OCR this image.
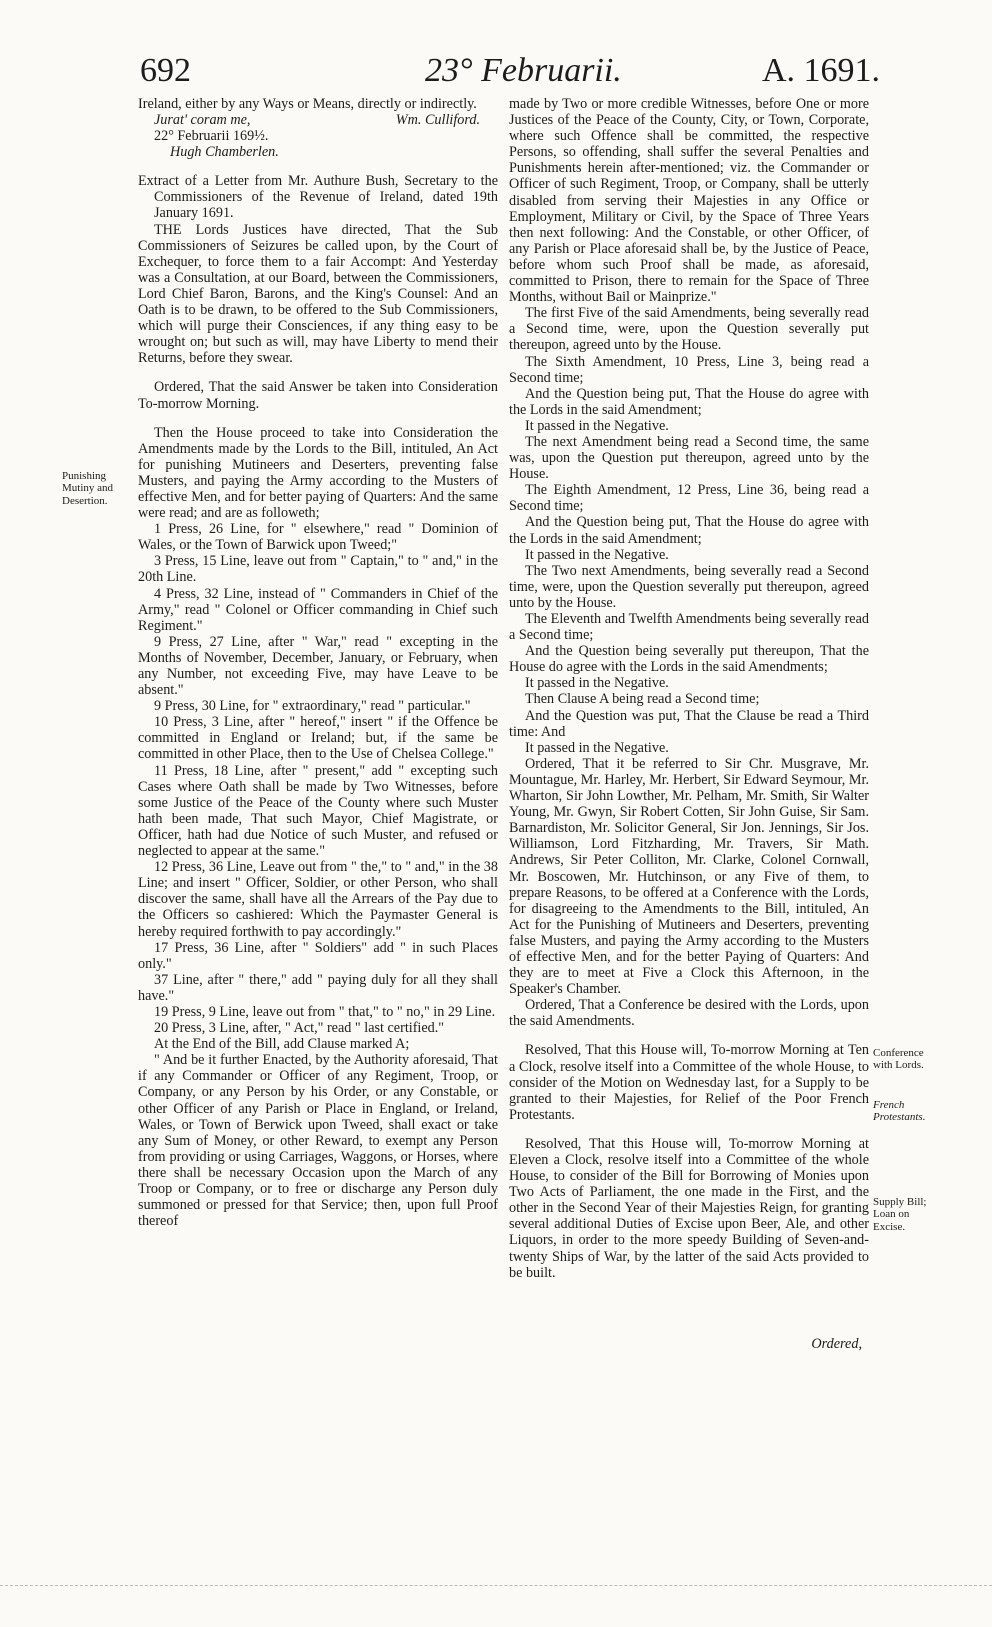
692	23° Februarii.	A. 1691.

Ireland, either by any Ways or Means, directly or indirectly.

Jurat' coram me,	Wm. Culliford.

22° Februarii 169½.

Hugh Chamberlen.

Extract of a Letter from Mr. Authure Bush, Secretary to the Commissioners of the Revenue of Ireland, dated 19th January 1691.

THE Lords Justices have directed, That the Sub Commissioners of Seizures be called upon, by the Court of Exchequer, to force them to a fair Accompt: And Yesterday was a Consultation, at our Board, between the Commissioners, Lord Chief Baron, Barons, and the King's Counsel: And an Oath is to be drawn, to be offered to the Sub Commissioners, which will purge their Consciences, if any thing easy to be wrought on; but such as will, may have Liberty to mend their Returns, before they swear.

Ordered, That the said Answer be taken into Consideration To-morrow Morning.

Then the House proceed to take into Consideration the Amendments made by the Lords to the Bill, intituled, An Act for punishing Mutineers and Deserters, preventing false Musters, and paying the Army according to the Musters of effective Men, and for better paying of Quarters: And the same were read; and are as followeth;

1 Press, 26 Line, for " elsewhere," read " Dominion of Wales, or the Town of Barwick upon Tweed;"

3 Press, 15 Line, leave out from " Captain," to " and," in the 20th Line.

4 Press, 32 Line, instead of " Commanders in Chief of the Army," read " Colonel or Officer commanding in Chief such Regiment."

9 Press, 27 Line, after " War," read " excepting in the Months of November, December, January, or February, when any Number, not exceeding Five, may have Leave to be absent."

9 Press, 30 Line, for " extraordinary," read " particular."

10 Press, 3 Line, after " hereof," insert " if the Offence be committed in England or Ireland; but, if the same be committed in other Place, then to the Use of Chelsea College."

11 Press, 18 Line, after " present," add " excepting such Cases where Oath shall be made by Two Witnesses, before some Justice of the Peace of the County where such Muster hath been made, That such Mayor, Chief Magistrate, or Officer, hath had due Notice of such Muster, and refused or neglected to appear at the same."

12 Press, 36 Line, Leave out from " the," to " and," in the 38 Line; and insert " Officer, Soldier, or other Person, who shall discover the same, shall have all the Arrears of the Pay due to the Officers so cashiered: Which the Paymaster General is hereby required forthwith to pay accordingly."

17 Press, 36 Line, after " Soldiers" add " in such Places only."

37 Line, after " there," add " paying duly for all they shall have."

19 Press, 9 Line, leave out from " that," to " no," in 29 Line.

20 Press, 3 Line, after, " Act," read " last certified."

At the End of the Bill, add Clause marked A;

" And be it further Enacted, by the Authority aforesaid, That if any Commander or Officer of any Regiment, Troop, or Company, or any Person by his Order, or any Constable, or other Officer of any Parish or Place in England, or Ireland, Wales, or Town of Berwick upon Tweed, shall exact or take any Sum of Money, or other Reward, to exempt any Person from providing or using Carriages, Waggons, or Horses, where there shall be necessary Occasion upon the March of any Troop or Company, or to free or discharge any Person duly summoned or pressed for that Service; then, upon full Proof thereof

made by Two or more credible Witnesses, before One or more Justices of the Peace of the County, City, or Town, Corporate, where such Offence shall be committed, the respective Persons, so offending, shall suffer the several Penalties and Punishments herein after-mentioned; viz. the Commander or Officer of such Regiment, Troop, or Company, shall be utterly disabled from serving their Majesties in any Office or Employment, Military or Civil, by the Space of Three Years then next following: And the Constable, or other Officer, of any Parish or Place aforesaid shall be, by the Justice of Peace, before whom such Proof shall be made, as aforesaid, committed to Prison, there to remain for the Space of Three Months, without Bail or Mainprize."

The first Five of the said Amendments, being severally read a Second time, were, upon the Question severally put thereupon, agreed unto by the House.

The Sixth Amendment, 10 Press, Line 3, being read a Second time;

And the Question being put, That the House do agree with the Lords in the said Amendment;

It passed in the Negative.

The next Amendment being read a Second time, the same was, upon the Question put thereupon, agreed unto by the House.

The Eighth Amendment, 12 Press, Line 36, being read a Second time;

And the Question being put, That the House do agree with the Lords in the said Amendment;

It passed in the Negative.

The Two next Amendments, being severally read a Second time, were, upon the Question severally put thereupon, agreed unto by the House.

The Eleventh and Twelfth Amendments being severally read a Second time;

And the Question being severally put thereupon, That the House do agree with the Lords in the said Amendments;

It passed in the Negative.

Then Clause A being read a Second time;

And the Question was put, That the Clause be read a Third time: And

It passed in the Negative.

Ordered, That it be referred to Sir Chr. Musgrave, Mr. Mountague, Mr. Harley, Mr. Herbert, Sir Edward Seymour, Mr. Wharton, Sir John Lowther, Mr. Pelham, Mr. Smith, Sir Walter Young, Mr. Gwyn, Sir Robert Cotten, Sir John Guise, Sir Sam. Barnardiston, Mr. Solicitor General, Sir Jon. Jennings, Sir Jos. Williamson, Lord Fitzharding, Mr. Travers, Sir Math. Andrews, Sir Peter Colliton, Mr. Clarke, Colonel Cornwall, Mr. Boscowen, Mr. Hutchinson, or any Five of them, to prepare Reasons, to be offered at a Conference with the Lords, for disagreeing to the Amendments to the Bill, intituled, An Act for the Punishing of Mutineers and Deserters, preventing false Musters, and paying the Army according to the Musters of effective Men, and for the better Paying of Quarters: And they are to meet at Five a Clock this Afternoon, in the Speaker's Chamber.

Ordered, That a Conference be desired with the Lords, upon the said Amendments.

Resolved, That this House will, To-morrow Morning at Ten a Clock, resolve itself into a Committee of the whole House, to consider of the Motion on Wednesday last, for a Supply to be granted to their Majesties, for Relief of the Poor French Protestants.

Resolved, That this House will, To-morrow Morning at Eleven a Clock, resolve itself into a Committee of the whole House, to consider of the Bill for Borrowing of Monies upon Two Acts of Parliament, the one made in the First, and the other in the Second Year of their Majesties Reign, for granting several additional Duties of Excise upon Beer, Ale, and other Liquors, in order to the more speedy Building of Seven-and-twenty Ships of War, by the latter of the said Acts provided to be built.

Punishing Mutiny and Desertion.
Conference with Lords.
French Protestants.
Supply Bill; Loan on Excise.
Ordered,
